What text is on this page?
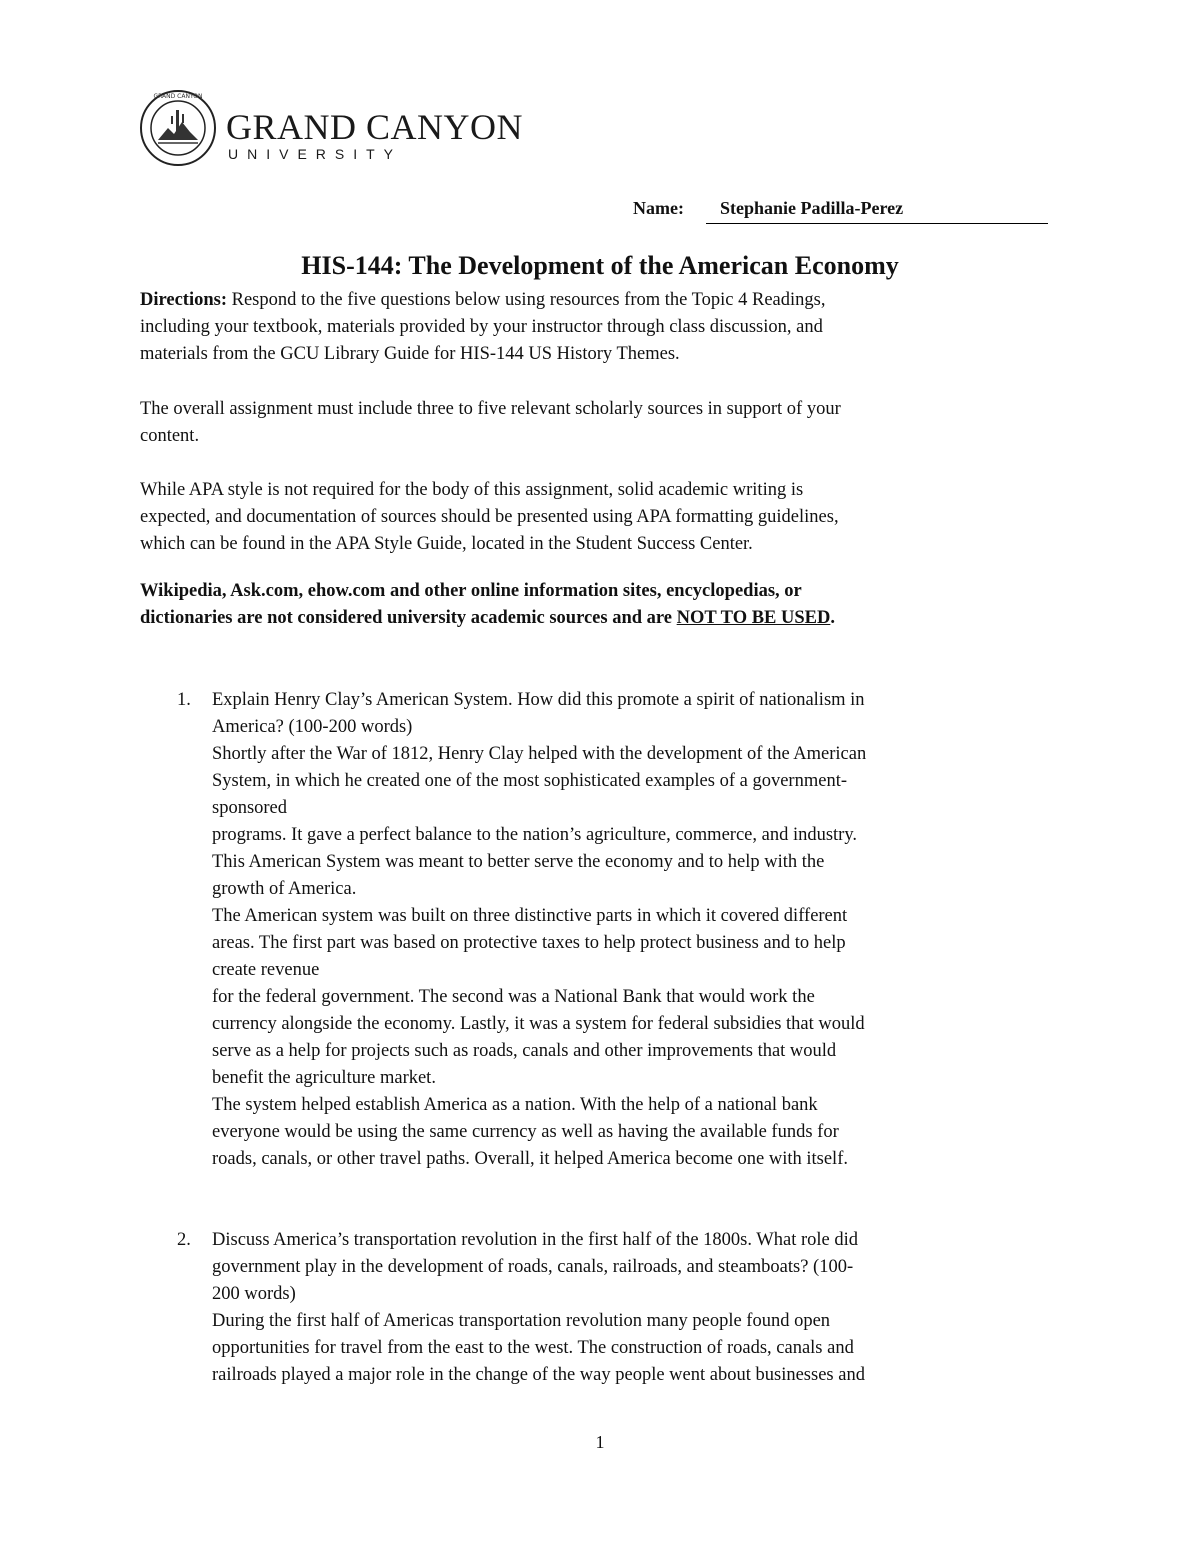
GRAND CANYON
GRAND CANYON
UNIVERSITY
Name:	Stephanie Padilla-Perez
HIS-144: The Development of the American Economy
Directions: Respond to the five questions below using resources from the Topic 4 Readings,
including your textbook, materials provided by your instructor through class discussion, and
materials from the GCU Library Guide for HIS-144 US History Themes.
The overall assignment must include three to five relevant scholarly sources in support of your
content.
While APA style is not required for the body of this assignment, solid academic writing is
expected, and documentation of sources should be presented using APA formatting guidelines,
which can be found in the APA Style Guide, located in the Student Success Center.
Wikipedia, Ask.com, ehow.com and other online information sites, encyclopedias, or
dictionaries are not considered university academic sources and are NOT TO BE USED.
1. Explain Henry Clay’s American System. How did this promote a spirit of nationalism in
America? (100-200 words)
Shortly after the War of 1812, Henry Clay helped with the development of the American
System, in which he created one of the most sophisticated examples of a government-
sponsored
programs. It gave a perfect balance to the nation’s agriculture, commerce, and industry.
This American System was meant to better serve the economy and to help with the
growth of America.
The American system was built on three distinctive parts in which it covered different
areas. The first part was based on protective taxes to help protect business and to help
create revenue
for the federal government. The second was a National Bank that would work the
currency alongside the economy. Lastly, it was a system for federal subsidies that would
serve as a help for projects such as roads, canals and other improvements that would
benefit the agriculture market.
The system helped establish America as a nation. With the help of a national bank
everyone would be using the same currency as well as having the available funds for
roads, canals, or other travel paths. Overall, it helped America become one with itself.
2. Discuss America’s transportation revolution in the first half of the 1800s. What role did
government play in the development of roads, canals, railroads, and steamboats? (100-
200 words)
During the first half of Americas transportation revolution many people found open
opportunities for travel from the east to the west. The construction of roads, canals and
railroads played a major role in the change of the way people went about businesses and
1
